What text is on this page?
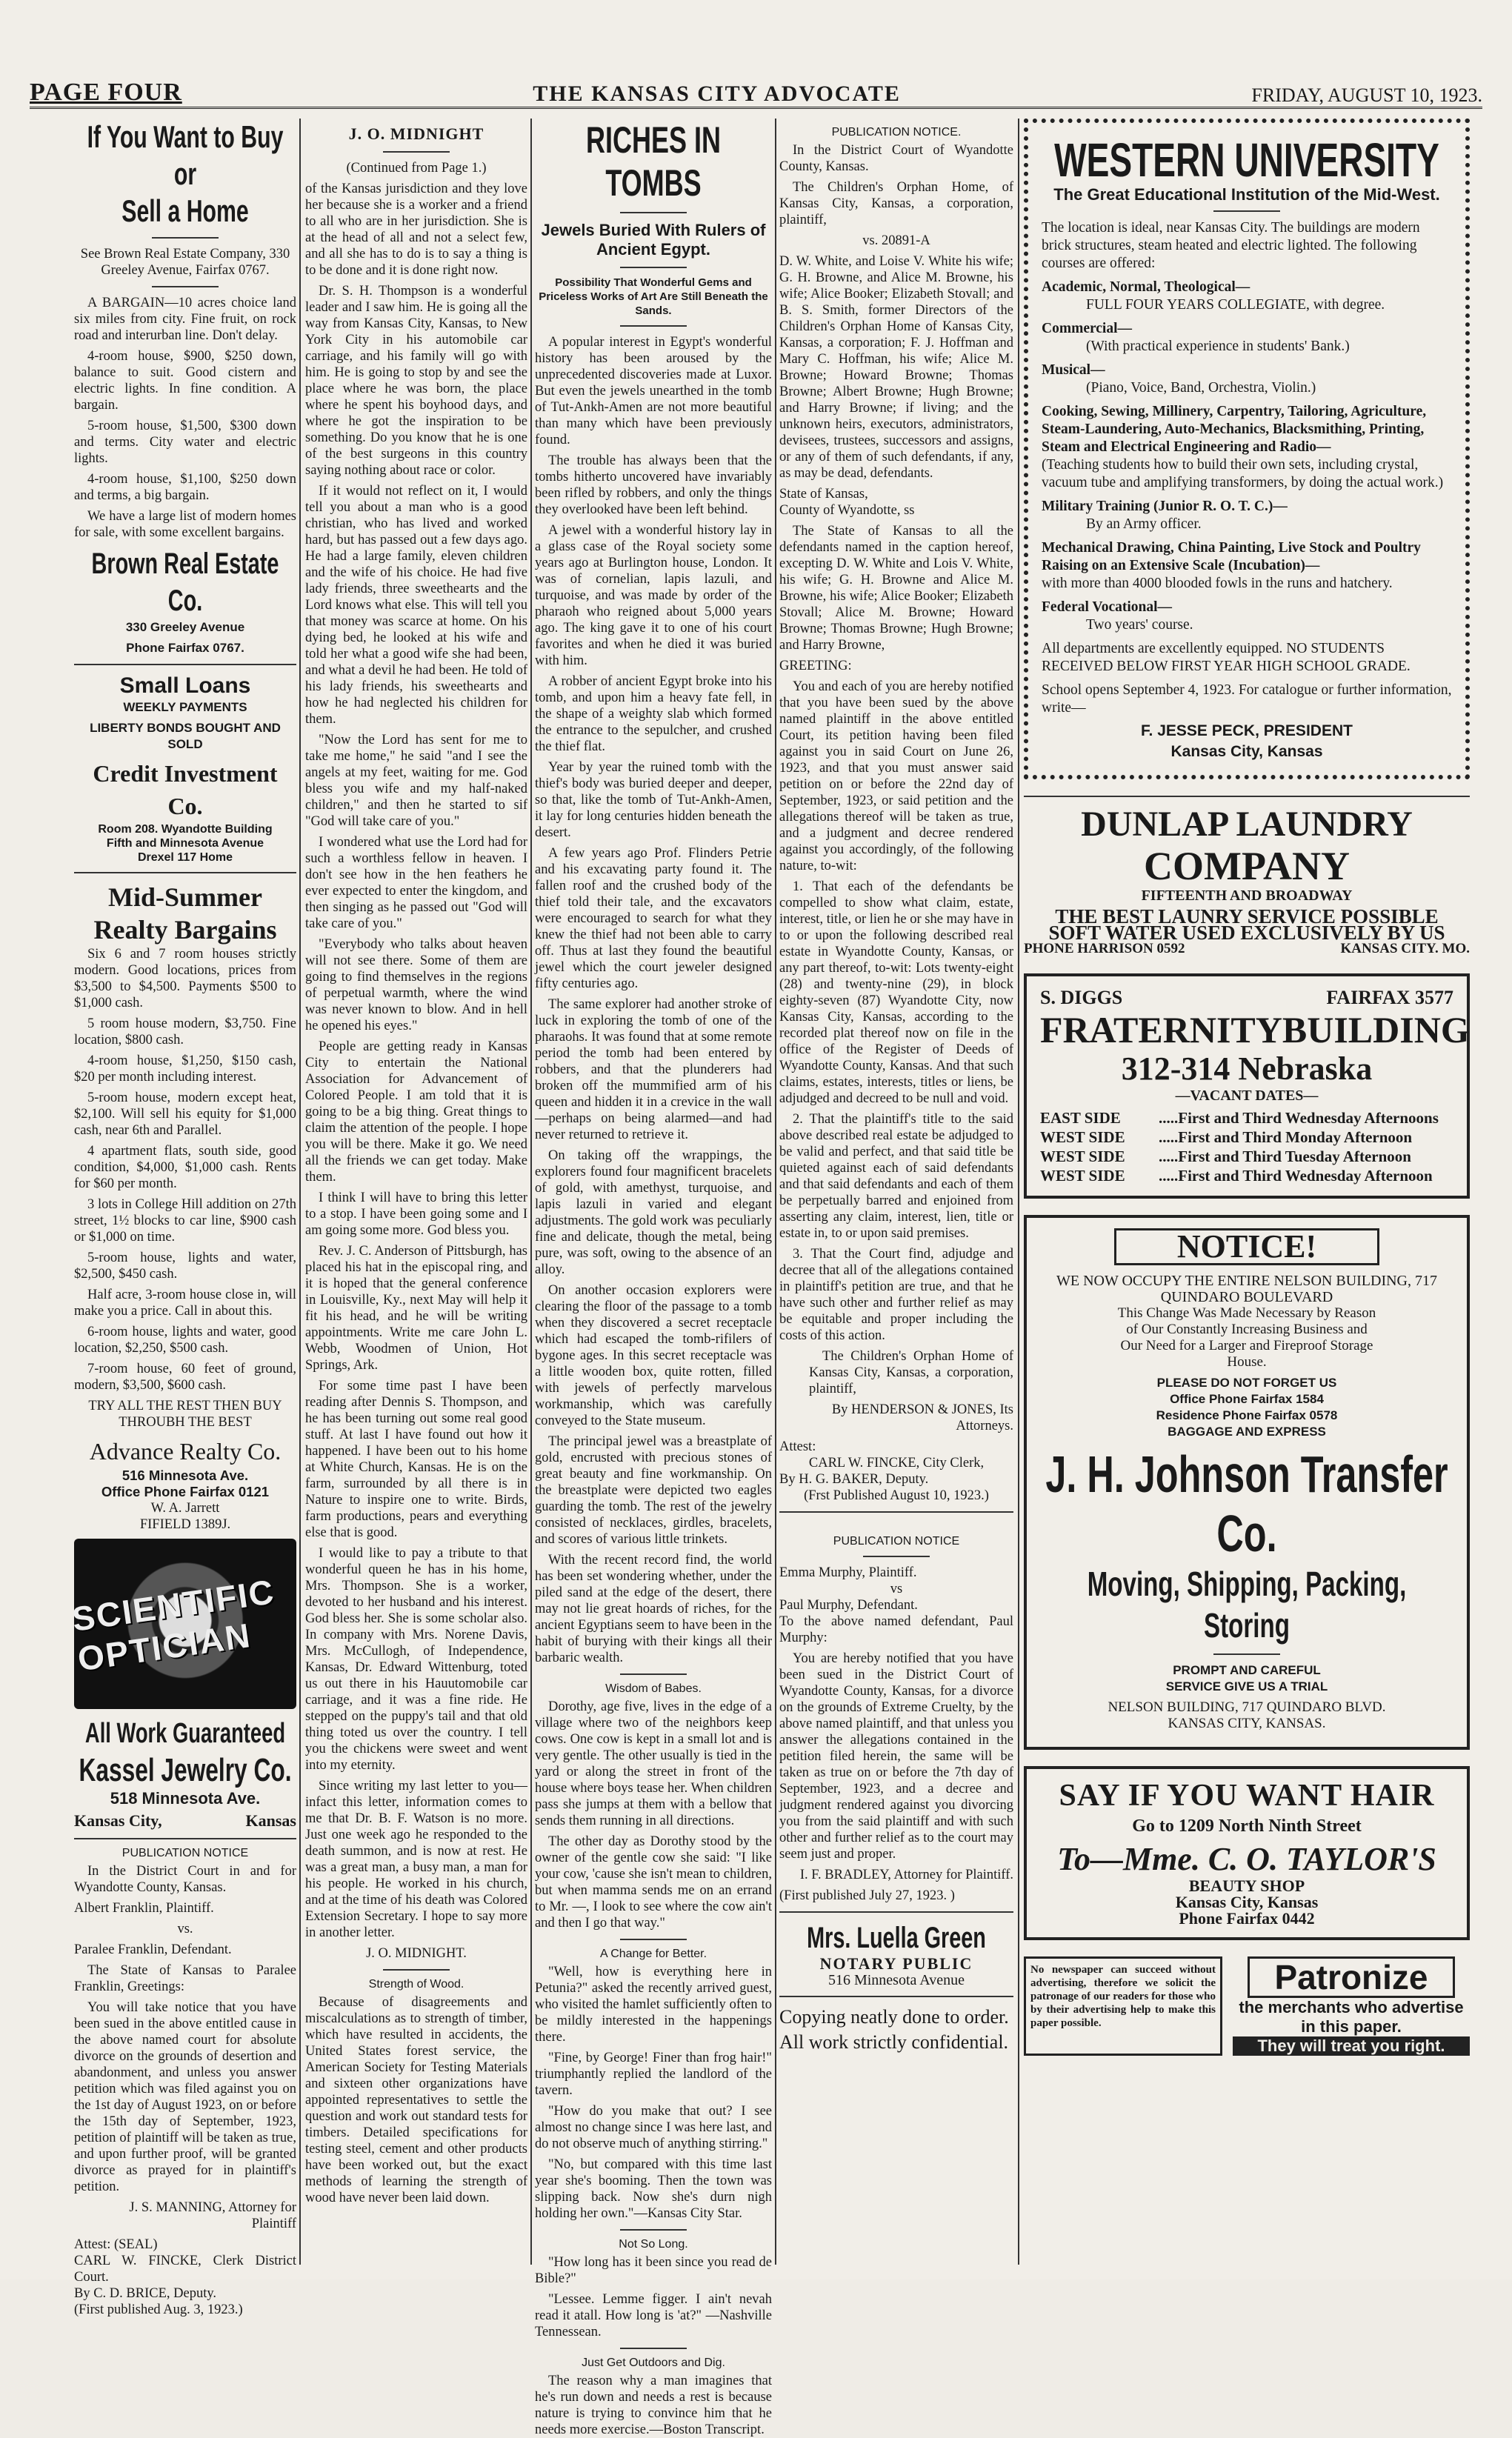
PAGE FOUR	THE KANSAS CITY ADVOCATE	FRIDAY, AUGUST 10, 1923.
If You Want to Buy or
Sell a Home

See Brown Real Estate Company, 330 Greeley Avenue, Fairfax 0767.

A BARGAIN—10 acres choice land six miles from city. Fine fruit, on rock road and interurban line. Don't delay.

4-room house, $900, $250 down, balance to suit. Good cistern and electric lights. In fine condition. A bargain.

5-room house, $1,500, $300 down and terms. City water and electric lights.

4-room house, $1,100, $250 down and terms, a big bargain.

We have a large list of modern homes for sale, with some excellent bargains.

Brown Real Estate Co.

330 Greeley Avenue

Phone Fairfax 0767.

Small Loans

WEEKLY PAYMENTS

LIBERTY BONDS BOUGHT AND SOLD

Credit Investment Co.

Room 208. Wyandotte Building

Fifth and Minnesota Avenue

Drexel 117 Home

Mid-Summer
Realty Bargains

Six 6 and 7 room houses strictly modern. Good locations, prices from $3,500 to $4,500. Payments $500 to $1,000 cash.

5 room house modern, $3,750. Fine location, $800 cash.

4-room house, $1,250, $150 cash, $20 per month including interest.

5-room house, modern except heat, $2,100. Will sell his equity for $1,000 cash, near 6th and Parallel.

4 apartment flats, south side, good condition, $4,000, $1,000 cash. Rents for $60 per month.

3 lots in College Hill addition on 27th street, 1½ blocks to car line, $900 cash or $1,000 on time.

5-room house, lights and water, $2,500, $450 cash.

Half acre, 3-room house close in, will make you a price. Call in about this.

6-room house, lights and water, good location, $2,250, $500 cash.

7-room house, 60 feet of ground, modern, $3,500, $600 cash.

TRY ALL THE REST THEN BUY THROUBH THE BEST

Advance Realty Co.

516 Minnesota Ave.

Office Phone Fairfax 0121

W. A. Jarrett

FIFIELD 1389J.

SCIENTIFIC OPTICIAN
All Work Guaranteed
Kassel Jewelry Co.

518 Minnesota Ave.

Kansas City,	Kansas
PUBLICATION NOTICE

In the District Court in and for Wyandotte County, Kansas.

Albert Franklin, Plaintiff.

vs.

Paralee Franklin, Defendant.

The State of Kansas to Paralee Franklin, Greetings:

You will take notice that you have been sued in the above entitled cause in the above named court for absolute divorce on the grounds of desertion and abandonment, and unless you answer petition which was filed against you on the 1st day of August 1923, on or before the 15th day of September, 1923, petition of plaintiff will be taken as true, and upon further proof, will be granted divorce as prayed for in plaintiff's petition.

J. S. MANNING, Attorney for Plaintiff

Attest: (SEAL)

CARL W. FINCKE, Clerk District Court.

By C. D. BRICE, Deputy.

(First published Aug. 3, 1923.)

J. O. MIDNIGHT

(Continued from Page 1.)

of the Kansas jurisdiction and they love her because she is a worker and a friend to all who are in her jurisdiction. She is at the head of all and not a select few, and all she has to do is to say a thing is to be done and it is done right now.

Dr. S. H. Thompson is a wonderful leader and I saw him. He is going all the way from Kansas City, Kansas, to New York City in his automobile car carriage, and his family will go with him. He is going to stop by and see the place where he was born, the place where he spent his boyhood days, and where he got the inspiration to be something. Do you know that he is one of the best surgeons in this country saying nothing about race or color.

If it would not reflect on it, I would tell you about a man who is a good christian, who has lived and worked hard, but has passed out a few days ago. He had a large family, eleven children and the wife of his choice. He had five lady friends, three sweethearts and the Lord knows what else. This will tell you that money was scarce at home. On his dying bed, he looked at his wife and told her what a good wife she had been, and what a devil he had been. He told of his lady friends, his sweethearts and how he had neglected his children for them.

"Now the Lord has sent for me to take me home," he said "and I see the angels at my feet, waiting for me. God bless you wife and my half-naked children," and then he started to sif "God will take care of you."

I wondered what use the Lord had for such a worthless fellow in heaven. I don't see how in the hen feathers he ever expected to enter the kingdom, and then singing as he passed out "God will take care of you."

"Everybody who talks about heaven will not see there. Some of them are going to find themselves in the regions of perpetual warmth, where the wind was never known to blow. And in hell he opened his eyes."

People are getting ready in Kansas City to entertain the National Association for Advancement of Colored People. I am told that it is going to be a big thing. Great things to claim the attention of the people. I hope you will be there. Make it go. We need all the friends we can get today. Make them.

I think I will have to bring this letter to a stop. I have been going some and I am going some more. God bless you.

Rev. J. C. Anderson of Pittsburgh, has placed his hat in the episcopal ring, and it is hoped that the general conference in Louisville, Ky., next May will help it fit his head, and he will be writing appointments. Write me care John L. Webb, Woodmen of Union, Hot Springs, Ark.

For some time past I have been reading after Dennis S. Thompson, and he has been turning out some real good stuff. At last I have found out how it happened. I have been out to his home at White Church, Kansas. He is on the farm, surrounded by all there is in Nature to inspire one to write. Birds, farm productions, pears and everything else that is good.

I would like to pay a tribute to that wonderful queen he has in his home, Mrs. Thompson. She is a worker, devoted to her husband and his interest. God bless her. She is some scholar also. In company with Mrs. Norene Davis, Mrs. McCullogh, of Independence, Kansas, Dr. Edward Wittenburg, toted us out there in his Hauutomobile car carriage, and it was a fine ride. He stepped on the puppy's tail and that old thing toted us over the country. I tell you the chickens were sweet and went into my eternity.

Since writing my last letter to you—infact this letter, information comes to me that Dr. B. F. Watson is no more. Just one week ago he responded to the death summon, and is now at rest. He was a great man, a busy man, a man for his people. He worked in his church, and at the time of his death was Colored Extension Secretary. I hope to say more in another letter.

J. O. MIDNIGHT.

Strength of Wood.

Because of disagreements and miscalculations as to strength of timber, which have resulted in accidents, the United States forest service, the American Society for Testing Materials and sixteen other organizations have appointed representatives to settle the question and work out standard tests for timbers. Detailed specifications for testing steel, cement and other products have been worked out, but the exact methods of learning the strength of wood have never been laid down.

RICHES IN TOMBS
Jewels Buried With Rulers of Ancient Egypt.

Possibility That Wonderful Gems and Priceless Works of Art Are Still Beneath the Sands.

A popular interest in Egypt's wonderful history has been aroused by the unprecedented discoveries made at Luxor. But even the jewels unearthed in the tomb of Tut-Ankh-Amen are not more beautiful than many which have been previously found.

The trouble has always been that the tombs hitherto uncovered have invariably been rifled by robbers, and only the things they overlooked have been left behind.

A jewel with a wonderful history lay in a glass case of the Royal society some years ago at Burlington house, London. It was of cornelian, lapis lazuli, and turquoise, and was made by order of the pharaoh who reigned about 5,000 years ago. The king gave it to one of his court favorites and when he died it was buried with him.

A robber of ancient Egypt broke into his tomb, and upon him a heavy fate fell, in the shape of a weighty slab which formed the entrance to the sepulcher, and crushed the thief flat.

Year by year the ruined tomb with the thief's body was buried deeper and deeper, so that, like the tomb of Tut-Ankh-Amen, it lay for long centuries hidden beneath the desert.

A few years ago Prof. Flinders Petrie and his excavating party found it. The fallen roof and the crushed body of the thief told their tale, and the excavators were encouraged to search for what they knew the thief had not been able to carry off. Thus at last they found the beautiful jewel which the court jeweler designed fifty centuries ago.

The same explorer had another stroke of luck in exploring the tomb of one of the pharaohs. It was found that at some remote period the tomb had been entered by robbers, and that the plunderers had broken off the mummified arm of his queen and hidden it in a crevice in the wall—perhaps on being alarmed—and had never returned to retrieve it.

On taking off the wrappings, the explorers found four magnificent bracelets of gold, with amethyst, turquoise, and lapis lazuli in varied and elegant adjustments. The gold work was peculiarly fine and delicate, though the metal, being pure, was soft, owing to the absence of an alloy.

On another occasion explorers were clearing the floor of the passage to a tomb when they discovered a secret receptacle which had escaped the tomb-rifilers of bygone ages. In this secret receptacle was a little wooden box, quite rotten, filled with jewels of perfectly marvelous workmanship, which was carefully conveyed to the State museum.

The principal jewel was a breastplate of gold, encrusted with precious stones of great beauty and fine workmanship. On the breastplate were depicted two eagles guarding the tomb. The rest of the jewelry consisted of necklaces, girdles, bracelets, and scores of various little trinkets.

With the recent record find, the world has been set wondering whether, under the piled sand at the edge of the desert, there may not lie great hoards of riches, for the ancient Egyptians seem to have been in the habit of burying with their kings all their barbaric wealth.

Wisdom of Babes.

Dorothy, age five, lives in the edge of a village where two of the neighbors keep cows. One cow is kept in a small lot and is very gentle. The other usually is tied in the yard or along the street in front of the house where boys tease her. When children pass she jumps at them with a bellow that sends them running in all directions.

The other day as Dorothy stood by the owner of the gentle cow she said: "I like your cow, 'cause she isn't mean to children, but when mamma sends me on an errand to Mr. —, I look to see where the cow ain't and then I go that way."

A Change for Better.

"Well, how is everything here in Petunia?" asked the recently arrived guest, who visited the hamlet sufficiently often to be mildly interested in the happenings there.

"Fine, by George! Finer than frog hair!" triumphantly replied the landlord of the tavern.

"How do you make that out? I see almost no change since I was here last, and do not observe much of anything stirring."

"No, but compared with this time last year she's booming. Then the town was slipping back. Now she's durn nigh holding her own."—Kansas City Star.

Not So Long.

"How long has it been since you read de Bible?"

"Lessee. Lemme figger. I ain't nevah read it atall. How long is 'at?" —Nashville Tennessean.

Just Get Outdoors and Dig.

The reason why a man imagines that he's run down and needs a rest is because nature is trying to convince him that he needs more exercise.—Boston Transcript.

PUBLICATION NOTICE.

In the District Court of Wyandotte County, Kansas.

The Children's Orphan Home, of Kansas City, Kansas, a corporation, plaintiff,

vs. 20891-A

D. W. White, and Loise V. White his wife; G. H. Browne, and Alice M. Browne, his wife; Alice Booker; Elizabeth Stovall; and B. S. Smith, former Directors of the Children's Orphan Home of Kansas City, Kansas, a corporation; F. J. Hoffman and Mary C. Hoffman, his wife; Alice M. Browne; Howard Browne; Thomas Browne; Albert Browne; Hugh Browne; and Harry Browne; if living; and the unknown heirs, executors, administrators, devisees, trustees, successors and assigns, or any of them of such defendants, if any, as may be dead, defendants.

State of Kansas,

County of Wyandotte, ss

The State of Kansas to all the defendants named in the caption hereof, excepting D. W. White and Lois V. White, his wife; G. H. Browne and Alice M. Browne, his wife; Alice Booker; Elizabeth Stovall; Alice M. Browne; Howard Browne; Thomas Browne; Hugh Browne; and Harry Browne,

GREETING:

You and each of you are hereby notified that you have been sued by the above named plaintiff in the above entitled Court, its petition having been filed against you in said Court on June 26, 1923, and that you must answer said petition on or before the 22nd day of September, 1923, or said petition and the allegations thereof will be taken as true, and a judgment and decree rendered against you accordingly, of the following nature, to-wit:

1. That each of the defendants be compelled to show what claim, estate, interest, title, or lien he or she may have in to or upon the following described real estate in Wyandotte County, Kansas, or any part thereof, to-wit: Lots twenty-eight (28) and twenty-nine (29), in block eighty-seven (87) Wyandotte City, now Kansas City, Kansas, according to the recorded plat thereof now on file in the office of the Register of Deeds of Wyandotte County, Kansas. And that such claims, estates, interests, titles or liens, be adjudged and decreed to be null and void.

2. That the plaintiff's title to the said above described real estate be adjudged to be valid and perfect, and that said title be quieted against each of said defendants and that said defendants and each of them be perpetually barred and enjoined from asserting any claim, interest, lien, title or estate in, to or upon said premises.

3. That the Court find, adjudge and decree that all of the allegations contained in plaintiff's petition are true, and that he have such other and further relief as may be equitable and proper including the costs of this action.

The Children's Orphan Home of Kansas City, Kansas, a corporation, plaintiff,

By HENDERSON & JONES, Its Attorneys.

Attest:

CARL W. FINCKE, City Clerk,

By H. G. BAKER, Deputy.

(Frst Published August 10, 1923.)

PUBLICATION NOTICE

Emma Murphy, Plaintiff.

vs

Paul Murphy, Defendant.

To the above named defendant, Paul Murphy:

You are hereby notified that you have been sued in the District Court of Wyandotte County, Kansas, for a divorce on the grounds of Extreme Cruelty, by the above named plaintiff, and that unless you answer the allegations contained in the petition filed herein, the same will be taken as true on or before the 7th day of September, 1923, and a decree and judgment rendered against you divorcing you from the said plaintiff and with such other and further relief as to the court may seem just and proper.

I. F. BRADLEY, Attorney for Plaintiff.

(First published July 27, 1923. )

Mrs. Luella Green

NOTARY PUBLIC

516 Minnesota Avenue

Copying neatly done to order. All work strictly confidential.

WESTERN UNIVERSITY

The Great Educational Institution of the Mid-West.

The location is ideal, near Kansas City. The buildings are modern brick structures, steam heated and electric lighted. The following courses are offered:
Academic, Normal, Theological—
FULL FOUR YEARS COLLEGIATE, with degree.
Commercial—
(With practical experience in students' Bank.)
Musical—
(Piano, Voice, Band, Orchestra, Violin.)
Cooking, Sewing, Millinery, Carpentry, Tailoring, Agriculture, Steam-Laundering, Auto-Mechanics, Blacksmithing, Printing, Steam and Electrical Engineering and Radio—
(Teaching students how to build their own sets, including crystal, vacuum tube and amplifying transformers, by doing the actual work.)
Military Training (Junior R. O. T. C.)—
By an Army officer.
Mechanical Drawing, China Painting, Live Stock and Poultry Raising on an Extensive Scale (Incubation)—
with more than 4000 blooded fowls in the runs and hatchery.
Federal Vocational—
Two years' course.
All departments are excellently equipped. NO STUDENTS RECEIVED BELOW FIRST YEAR HIGH SCHOOL GRADE.
School opens September 4, 1923. For catalogue or further information, write—

F. JESSE PECK, PRESIDENT

Kansas City, Kansas

DUNLAP LAUNDRY
COMPANY

FIFTEENTH AND BROADWAY

THE BEST LAUNRY SERVICE POSSIBLE

SOFT WATER USED EXCLUSIVELY BY US

PHONE HARRISON 0592	KANSAS CITY. MO.
S. DIGGS	FAIRFAX 3577
FRATERNITYBUILDING
312-314 Nebraska

—VACANT DATES—

EAST SIDE	.....First and Third Wednesday Afternoons
WEST SIDE	.....First and Third Monday Afternoon
WEST SIDE	.....First and Third Tuesday Afternoon
WEST SIDE	.....First and Third Wednesday Afternoon
NOTICE!

WE NOW OCCUPY THE ENTIRE NELSON BUILDING, 717 QUINDARO BOULEVARD

This Change Was Made Necessary by Reason of Our Constantly Increasing Business and Our Need for a Larger and Fireproof Storage House.

PLEASE DO NOT FORGET US

Office Phone Fairfax 1584

Residence Phone Fairfax 0578

BAGGAGE AND EXPRESS

J. H. Johnson Transfer Co.
Moving, Shipping, Packing, Storing

PROMPT AND CAREFUL SERVICE GIVE US A TRIAL

NELSON BUILDING, 717 QUINDARO BLVD.

KANSAS CITY, KANSAS.

SAY IF YOU WANT HAIR

Go to 1209 North Ninth Street

To—Mme. C. O. TAYLOR'S

BEAUTY SHOP

Kansas City, Kansas

Phone Fairfax 0442

No newspaper can succeed without advertising, therefore we solicit the patronage of our readers for those who by their advertising help to make this paper possible.

Patronize
the merchants who advertise in this paper.
They will treat you right.
